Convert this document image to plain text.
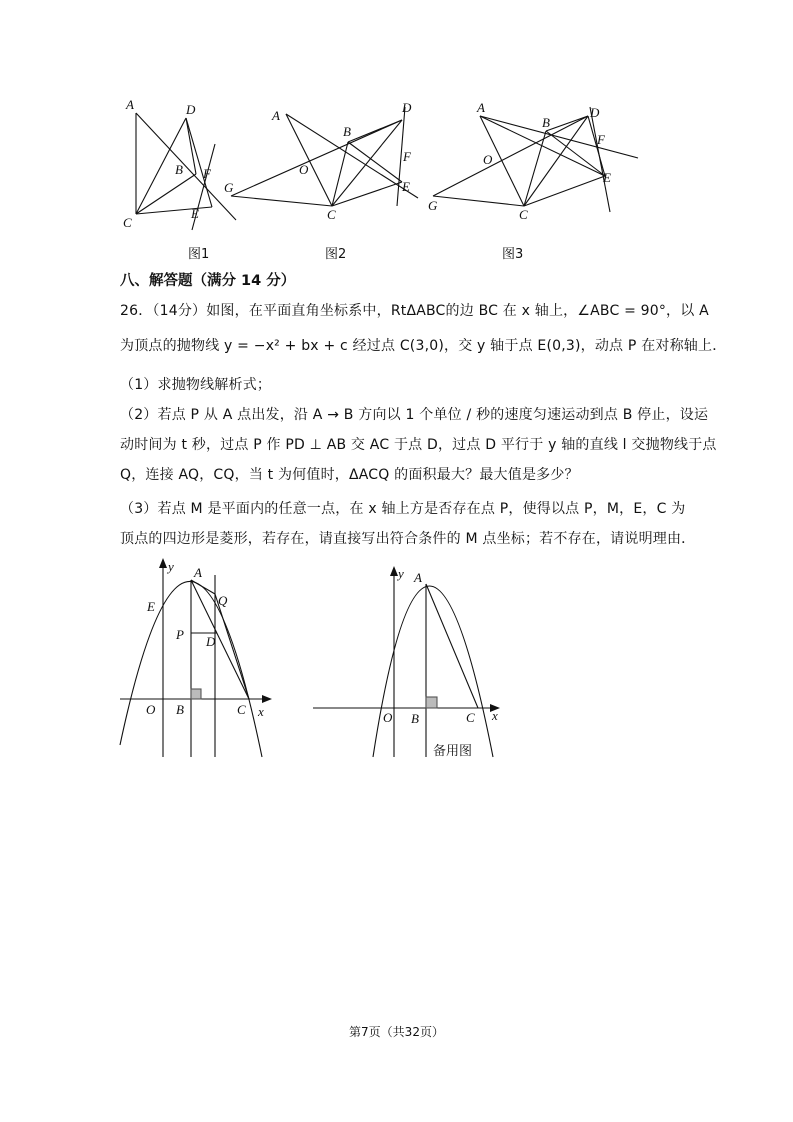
A	D
B F
C
E
A
D
B
F
O
G	E
C
A	D
B
F
O
E
G
C
图1	图2	图3
八、解答题（满分 14 分）
26．（14分）如图，在平面直角坐标系中，RtΔABC的边 BC 在 x 轴上，∠ABC = 90°，以 A
为顶点的抛物线 y = −x² + bx + c 经过点 C(3,0)，交 y 轴于点 E(0,3)，动点 P 在对称轴上．
（1）求抛物线解析式；
（2）若点 P 从 A 点出发，沿 A → B 方向以 1 个单位 / 秒的速度匀速运动到点 B 停止，设运
动时间为 t 秒，过点 P 作 PD ⊥ AB 交 AC 于点 D，过点 D 平行于 y 轴的直线 l 交抛物线于点
Q，连接 AQ，CQ，当 t 为何值时，ΔACQ 的面积最大？最大值是多少？
（3）若点 M 是平面内的任意一点，在 x 轴上方是否存在点 P，使得以点 P，M，E，C 为
顶点的四边形是菱形，若存在，请直接写出符合条件的 M 点坐标；若不存在，请说明理由．
y A
Q
E
P D
O B	C x
y A
O B	C x
备用图
第7页（共32页）
